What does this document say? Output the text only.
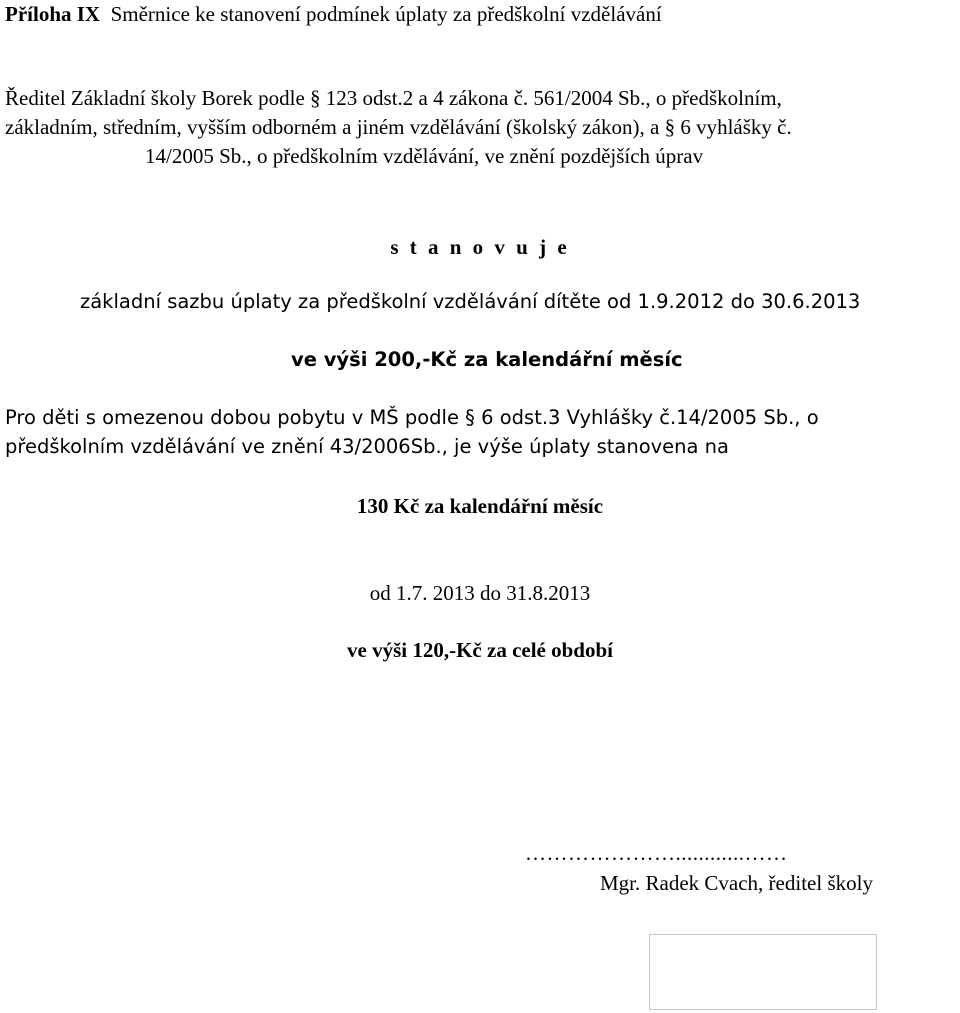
Příloha IX Směrnice ke stanovení podmínek úplaty za předškolní vzdělávání
Ředitel Základní školy Borek podle § 123 odst.2 a 4 zákona č. 561/2004 Sb., o předškolním,
základním, středním, vyšším odborném a jiném vzdělávání (školský zákon), a § 6 vyhlášky č.
14/2005 Sb., o předškolním vzdělávání, ve znění pozdějších úprav
s t a n o v u j e
základní sazbu úplaty za předškolní vzdělávání dítěte od 1.9.2012 do 30.6.2013
ve výši 200,-Kč za kalendářní měsíc
Pro děti s omezenou dobou pobytu v MŠ podle § 6 odst.3 Vyhlášky č.14/2005 Sb., o
předškolním vzdělávání ve znění 43/2006Sb., je výše úplaty stanovena na
130 Kč za kalendářní měsíc
od 1.7. 2013 do 31.8.2013
ve výši 120,-Kč za celé období
…………………............……
Mgr. Radek Cvach, ředitel školy
